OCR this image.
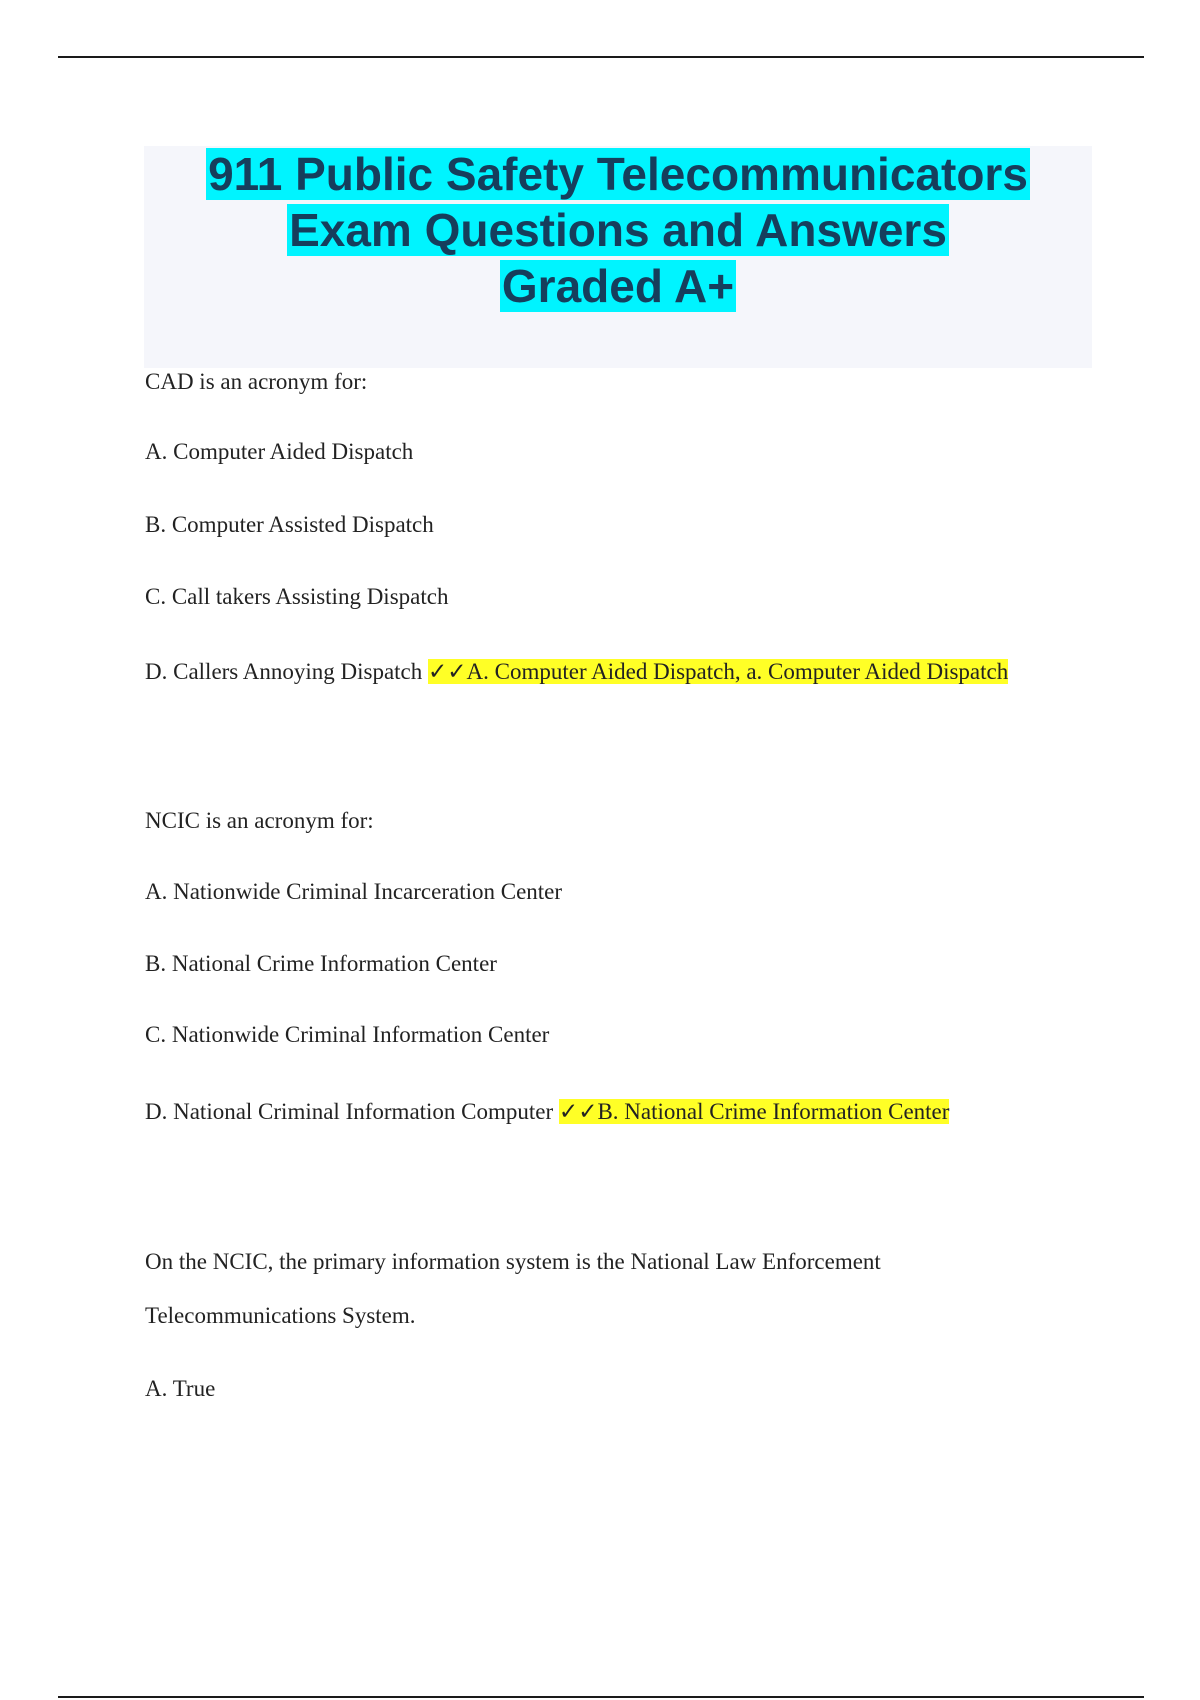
911 Public Safety Telecommunicators
Exam Questions and Answers
Graded A+
CAD is an acronym for:
A. Computer Aided Dispatch
B. Computer Assisted Dispatch
C. Call takers Assisting Dispatch
D. Callers Annoying Dispatch ✓✓A. Computer Aided Dispatch, a. Computer Aided Dispatch
NCIC is an acronym for:
A. Nationwide Criminal Incarceration Center
B. National Crime Information Center
C. Nationwide Criminal Information Center
D. National Criminal Information Computer ✓✓B. National Crime Information Center
On the NCIC, the primary information system is the National Law Enforcement
Telecommunications System.
A. True
